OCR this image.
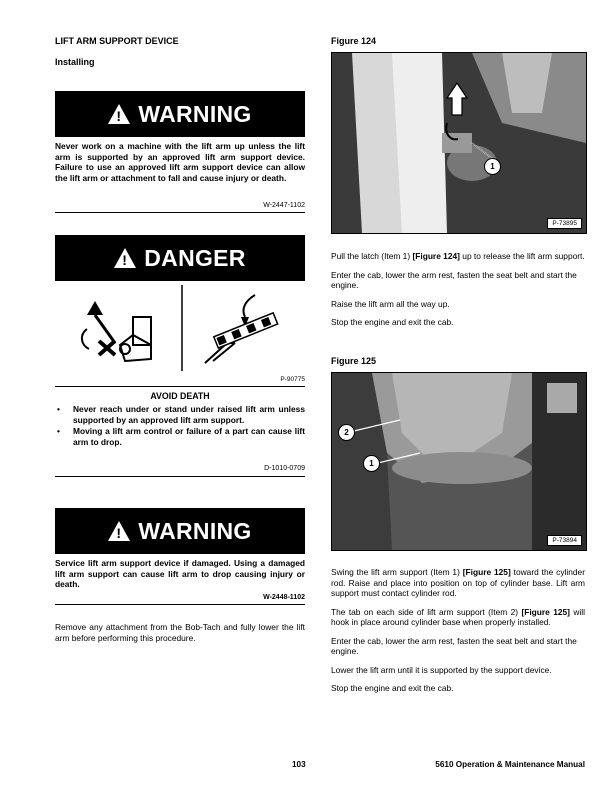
LIFT ARM SUPPORT DEVICE
Installing
! WARNING
Never work on a machine with the lift arm up unless the lift arm is supported by an approved lift arm support device. Failure to use an approved lift arm support device can allow the lift arm or attachment to fall and cause injury or death.
W-2447-1102
! DANGER
P-90775
AVOID DEATH
• Never reach under or stand under raised lift arm unless supported by an approved lift arm support.
• Moving a lift arm control or failure of a part can cause lift arm to drop.
D-1010-0709
! WARNING
Service lift arm support device if damaged. Using a damaged lift arm support can cause lift arm to drop causing injury or death.
W-2448-1102
Remove any attachment from the Bob-Tach and fully lower the lift arm before performing this procedure.
Figure 124
1
P-73895

Pull the latch (Item 1) [Figure 124] up to release the lift arm support.

Enter the cab, lower the arm rest, fasten the seat belt and start the engine.

Raise the lift arm all the way up.

Stop the engine and exit the cab.

Figure 125
2
1
P-73894

Swing the lift arm support (Item 1) [Figure 125] toward the cylinder rod. Raise and place into position on top of cylinder base. Lift arm support must contact cylinder rod.

The tab on each side of lift arm support (Item 2) [Figure 125] will hook in place around cylinder base when properly installed.

Enter the cab, lower the arm rest, fasten the seat belt and start the engine.

Lower the lift arm until it is supported by the support device.

Stop the engine and exit the cab.

103	5610 Operation & Maintenance Manual
